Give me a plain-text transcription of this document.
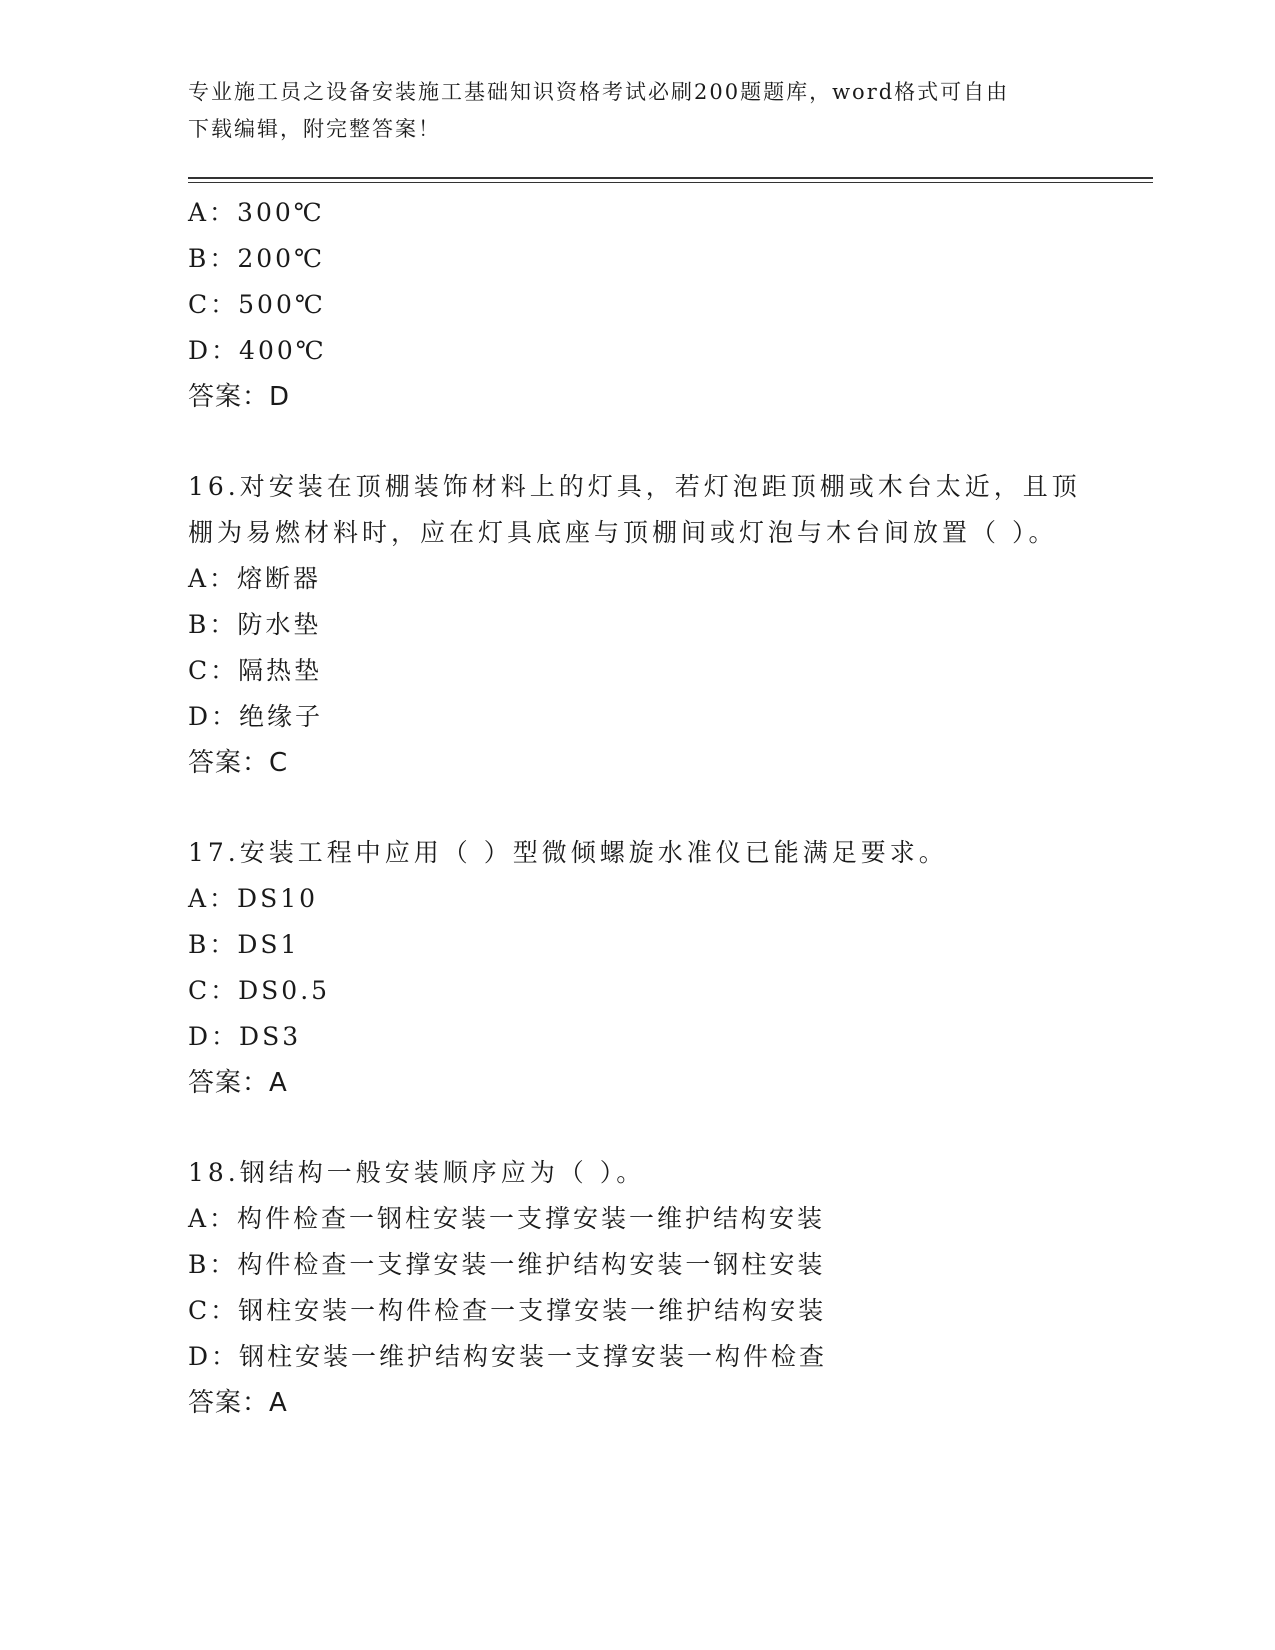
专业施工员之设备安装施工基础知识资格考试必刷200题题库，word格式可自由
下载编辑，附完整答案！
A：300℃
B：200℃
C：500℃
D：400℃
答案：D
16.对安装在顶棚装饰材料上的灯具，若灯泡距顶棚或木台太近，且顶
棚为易燃材料时，应在灯具底座与顶棚间或灯泡与木台间放置（ ）。
A：熔断器
B：防水垫
C：隔热垫
D：绝缘子
答案：C
17.安装工程中应用（ ）型微倾螺旋水准仪已能满足要求。
A：DS10
B：DS1
C：DS0.5
D：DS3
答案：A
18.钢结构一般安装顺序应为（ ）。
A：构件检查一钢柱安装一支撑安装一维护结构安装
B：构件检查一支撑安装一维护结构安装一钢柱安装
C：钢柱安装一构件检查一支撑安装一维护结构安装
D：钢柱安装一维护结构安装一支撑安装一构件检查
答案：A
